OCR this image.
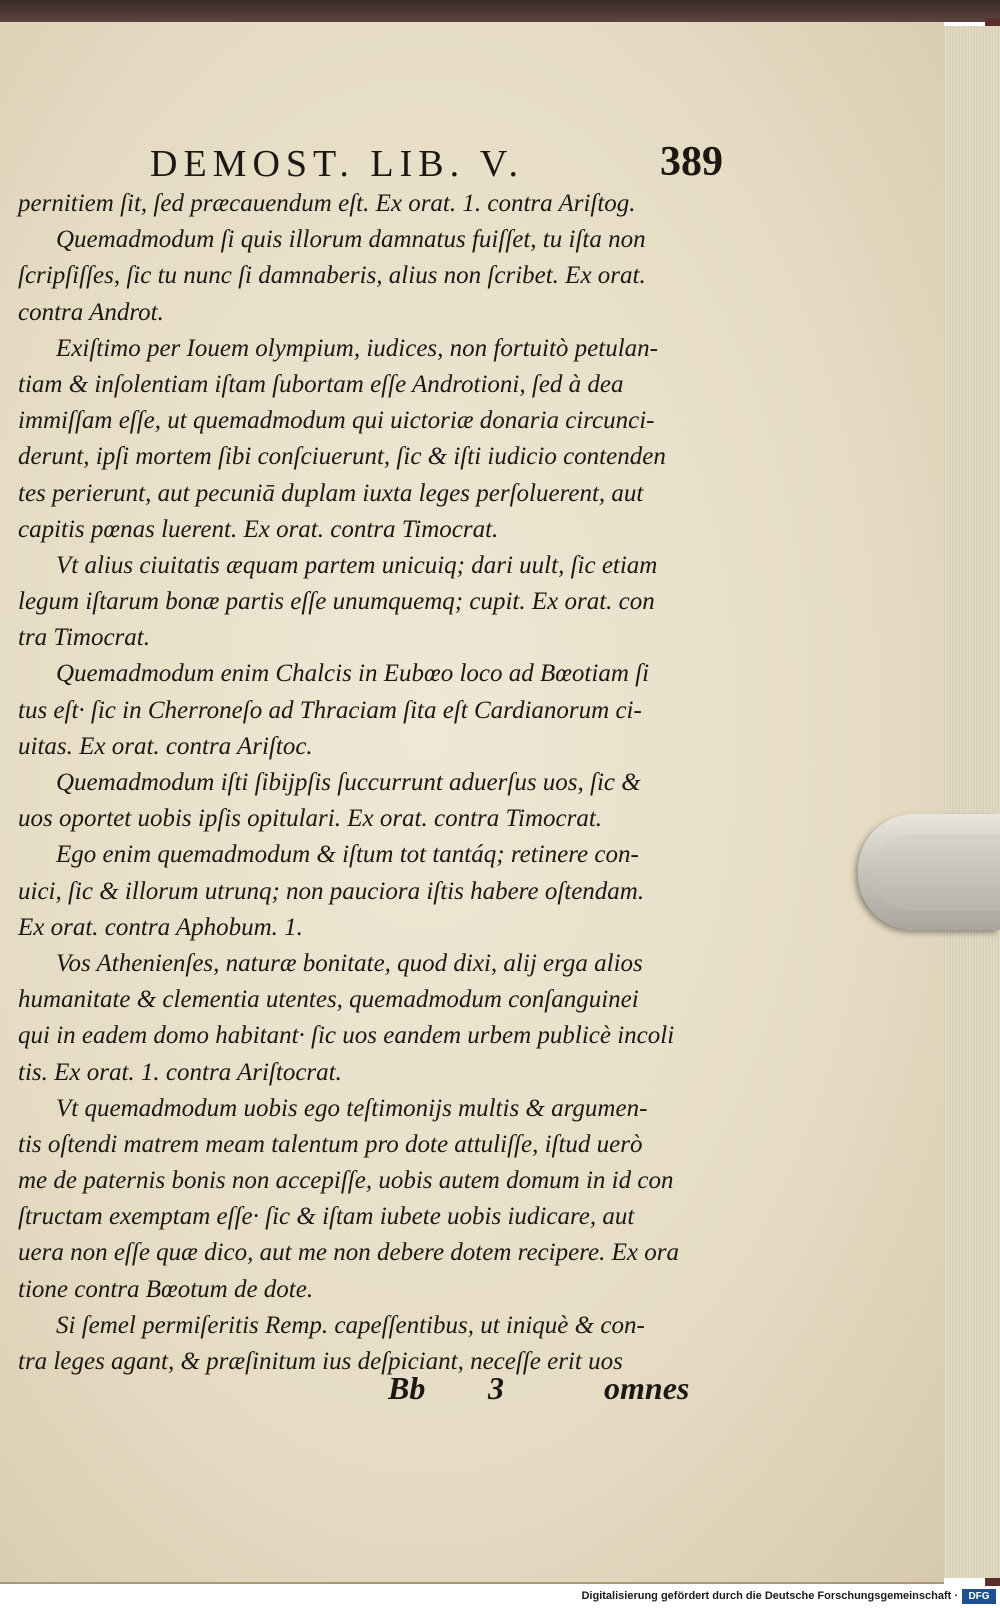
DEMOST. LIB. V.	389
pernitiem ſit, ſed præcauendum eſt. Ex orat. 1. contra Ariſtog.
Quemadmodum ſi quis illorum damnatus fuiſſet, tu iſta non
ſcripſiſſes, ſic tu nunc ſi damnaberis, alius non ſcribet. Ex orat.
contra Androt.
Exiſtimo per Iouem olympium, iudices, non fortuitò petulan-
tiam & inſolentiam iſtam ſubortam eſſe Androtioni, ſed à dea
immiſſam eſſe, ut quemadmodum qui uictoriæ donaria circunci-
derunt, ipſi mortem ſibi conſciuerunt, ſic & iſti iudicio contenden
tes perierunt, aut pecuniā duplam iuxta leges perſoluerent, aut
capitis pœnas luerent. Ex orat. contra Timocrat.
Vt alius ciuitatis æquam partem unicuiq; dari uult, ſic etiam
legum iſtarum bonæ partis eſſe unumquemq; cupit. Ex orat. con
tra Timocrat.
Quemadmodum enim Chalcis in Eubœo loco ad Bœotiam ſi
tus eſt· ſic in Cherroneſo ad Thraciam ſita eſt Cardianorum ci-
uitas. Ex orat. contra Ariſtoc.
Quemadmodum iſti ſibijpſis ſuccurrunt aduerſus uos, ſic &
uos oportet uobis ipſis opitulari. Ex orat. contra Timocrat.
Ego enim quemadmodum & iſtum tot tantáq; retinere con-
uici, ſic & illorum utrunq; non pauciora iſtis habere oſtendam.
Ex orat. contra Aphobum. 1.
Vos Athenienſes, naturæ bonitate, quod dixi, alij erga alios
humanitate & clementia utentes, quemadmodum conſanguinei
qui in eadem domo habitant· ſic uos eandem urbem publicè incoli
tis. Ex orat. 1. contra Ariſtocrat.
Vt quemadmodum uobis ego teſtimonijs multis & argumen-
tis oſtendi matrem meam talentum pro dote attuliſſe, iſtud uerò
me de paternis bonis non accepiſſe, uobis autem domum in id con
ſtructam exemptam eſſe· ſic & iſtam iubete uobis iudicare, aut
uera non eſſe quæ dico, aut me non debere dotem recipere. Ex ora
tione contra Bœotum de dote.
Si ſemel permiſeritis Remp. capeſſentibus, ut iniquè & con-
tra leges agant, & præſinitum ius deſpiciant, neceſſe erit uos
Bb 3	omnes
Digitalisierung gefördert durch die Deutsche Forschungsgemeinschaft ·	DFG
